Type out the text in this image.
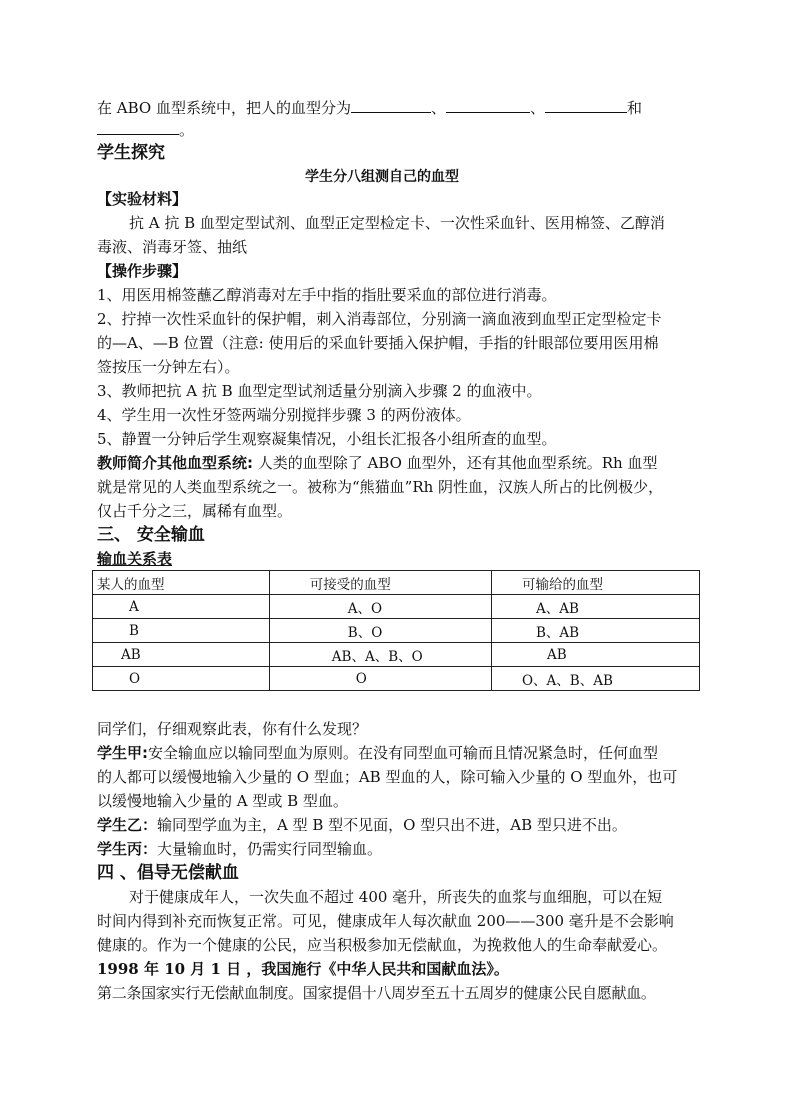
在 ABO 血型系统中，把人的血型分为	、	、	和
。
学生探究
学生分八组测自己的血型
【实验材料】
抗 A 抗 B 血型定型试剂、血型正定型检定卡、一次性采血针、医用棉签、乙醇消
毒液、消毒牙签、抽纸
【操作步骤】
1、用医用棉签蘸乙醇消毒对左手中指的指肚要采血的部位进行消毒。
2、拧掉一次性采血针的保护帽，刺入消毒部位，分别滴一滴血液到血型正定型检定卡
的—A、—B 位置（注意: 使用后的采血针要插入保护帽，手指的针眼部位要用医用棉
签按压一分钟左右）。
3、教师把抗 A 抗 B 血型定型试剂适量分别滴入步骤 2 的血液中。
4、学生用一次性牙签两端分别搅拌步骤 3 的两份液体。
5、静置一分钟后学生观察凝集情况，小组长汇报各小组所查的血型。
教师简介其他血型系统: 人类的血型除了 ABO 血型外，还有其他血型系统。Rh 血型
就是常见的人类血型系统之一。被称为“熊猫血”Rh 阴性血，汉族人所占的比例极少，
仅占千分之三，属稀有血型。
三、 安全输血
输血关系表
某人的血型	可接受的血型	可输给的血型
A	A、O	A、AB
B	B、O	B、AB
AB	AB、A、B、O	AB
O	O	O、A、B、AB
同学们，仔细观察此表，你有什么发现？
学生甲:安全输血应以输同型血为原则。在没有同型血可输而且情况紧急时，任何血型
的人都可以缓慢地输入少量的 O 型血；AB 型血的人，除可输入少量的 O 型血外，也可
以缓慢地输入少量的 A 型或 B 型血。
学生乙：输同型学血为主，A 型 B 型不见面，O 型只出不进，AB 型只进不出。
学生丙：大量输血时，仍需实行同型输血。
四 、倡导无偿献血
对于健康成年人，一次失血不超过 400 毫升，所丧失的血浆与血细胞，可以在短
时间内得到补充而恢复正常。可见，健康成年人每次献血 200——300 毫升是不会影响
健康的。作为一个健康的公民，应当积极参加无偿献血，为挽救他人的生命奉献爱心。
1998 年 10 月 1 日 ，我国施行《中华人民共和国献血法》。
第二条国家实行无偿献血制度。国家提倡十八周岁至五十五周岁的健康公民自愿献血。
